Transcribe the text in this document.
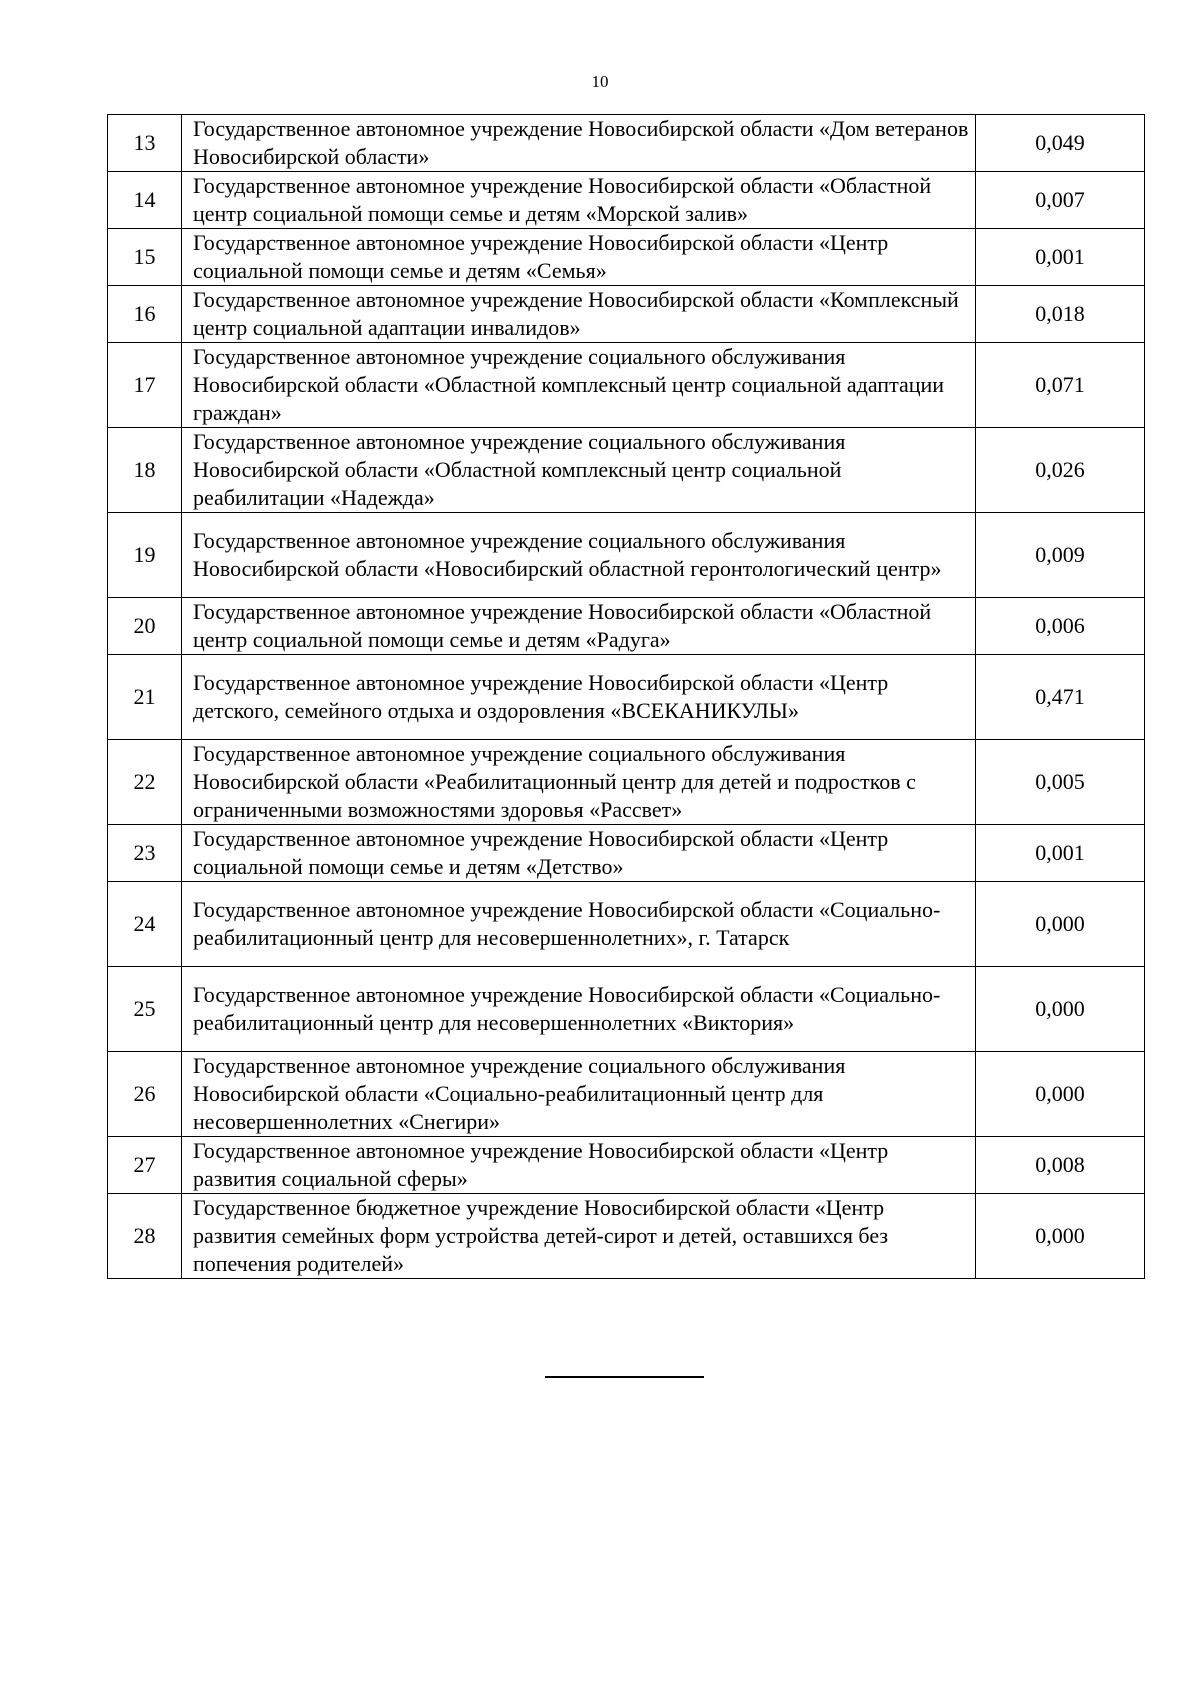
10
13	Государственное автономное учреждение Новосибирской области «Дом ветеранов Новосибирской области»	0,049
14	Государственное автономное учреждение Новосибирской области «Областной центр социальной помощи семье и детям «Морской залив»	0,007
15	Государственное автономное учреждение Новосибирской области «Центр социальной помощи семье и детям «Семья»	0,001
16	Государственное автономное учреждение Новосибирской области «Комплексный центр социальной адаптации инвалидов»	0,018
17	Государственное автономное учреждение социального обслуживания Новосибирской области «Областной комплексный центр социальной адаптации граждан»	0,071
18	Государственное автономное учреждение социального обслуживания Новосибирской области «Областной комплексный центр социальной реабилитации «Надежда»	0,026
19	Государственное автономное учреждение социального обслуживания Новосибирской области «Новосибирский областной геронтологический центр»	0,009
20	Государственное автономное учреждение Новосибирской области «Областной центр социальной помощи семье и детям «Радуга»	0,006
21	Государственное автономное учреждение Новосибирской области «Центр детского, семейного отдыха и оздоровления «ВСЕКАНИКУЛЫ»	0,471
22	Государственное автономное учреждение социального обслуживания Новосибирской области «Реабилитационный центр для детей и подростков с ограниченными возможностями здоровья «Рассвет»	0,005
23	Государственное автономное учреждение Новосибирской области «Центр социальной помощи семье и детям «Детство»	0,001
24	Государственное автономное учреждение Новосибирской области «Социально-реабилитационный центр для несовершеннолетних», г. Татарск	0,000
25	Государственное автономное учреждение Новосибирской области «Социально-реабилитационный центр для несовершеннолетних «Виктория»	0,000
26	Государственное автономное учреждение социального обслуживания Новосибирской области «Социально-реабилитационный центр для несовершеннолетних «Снегири»	0,000
27	Государственное автономное учреждение Новосибирской области «Центр развития социальной сферы»	0,008
28	Государственное бюджетное учреждение Новосибирской области «Центр развития семейных форм устройства детей-сирот и детей, оставшихся без попечения родителей»	0,000
